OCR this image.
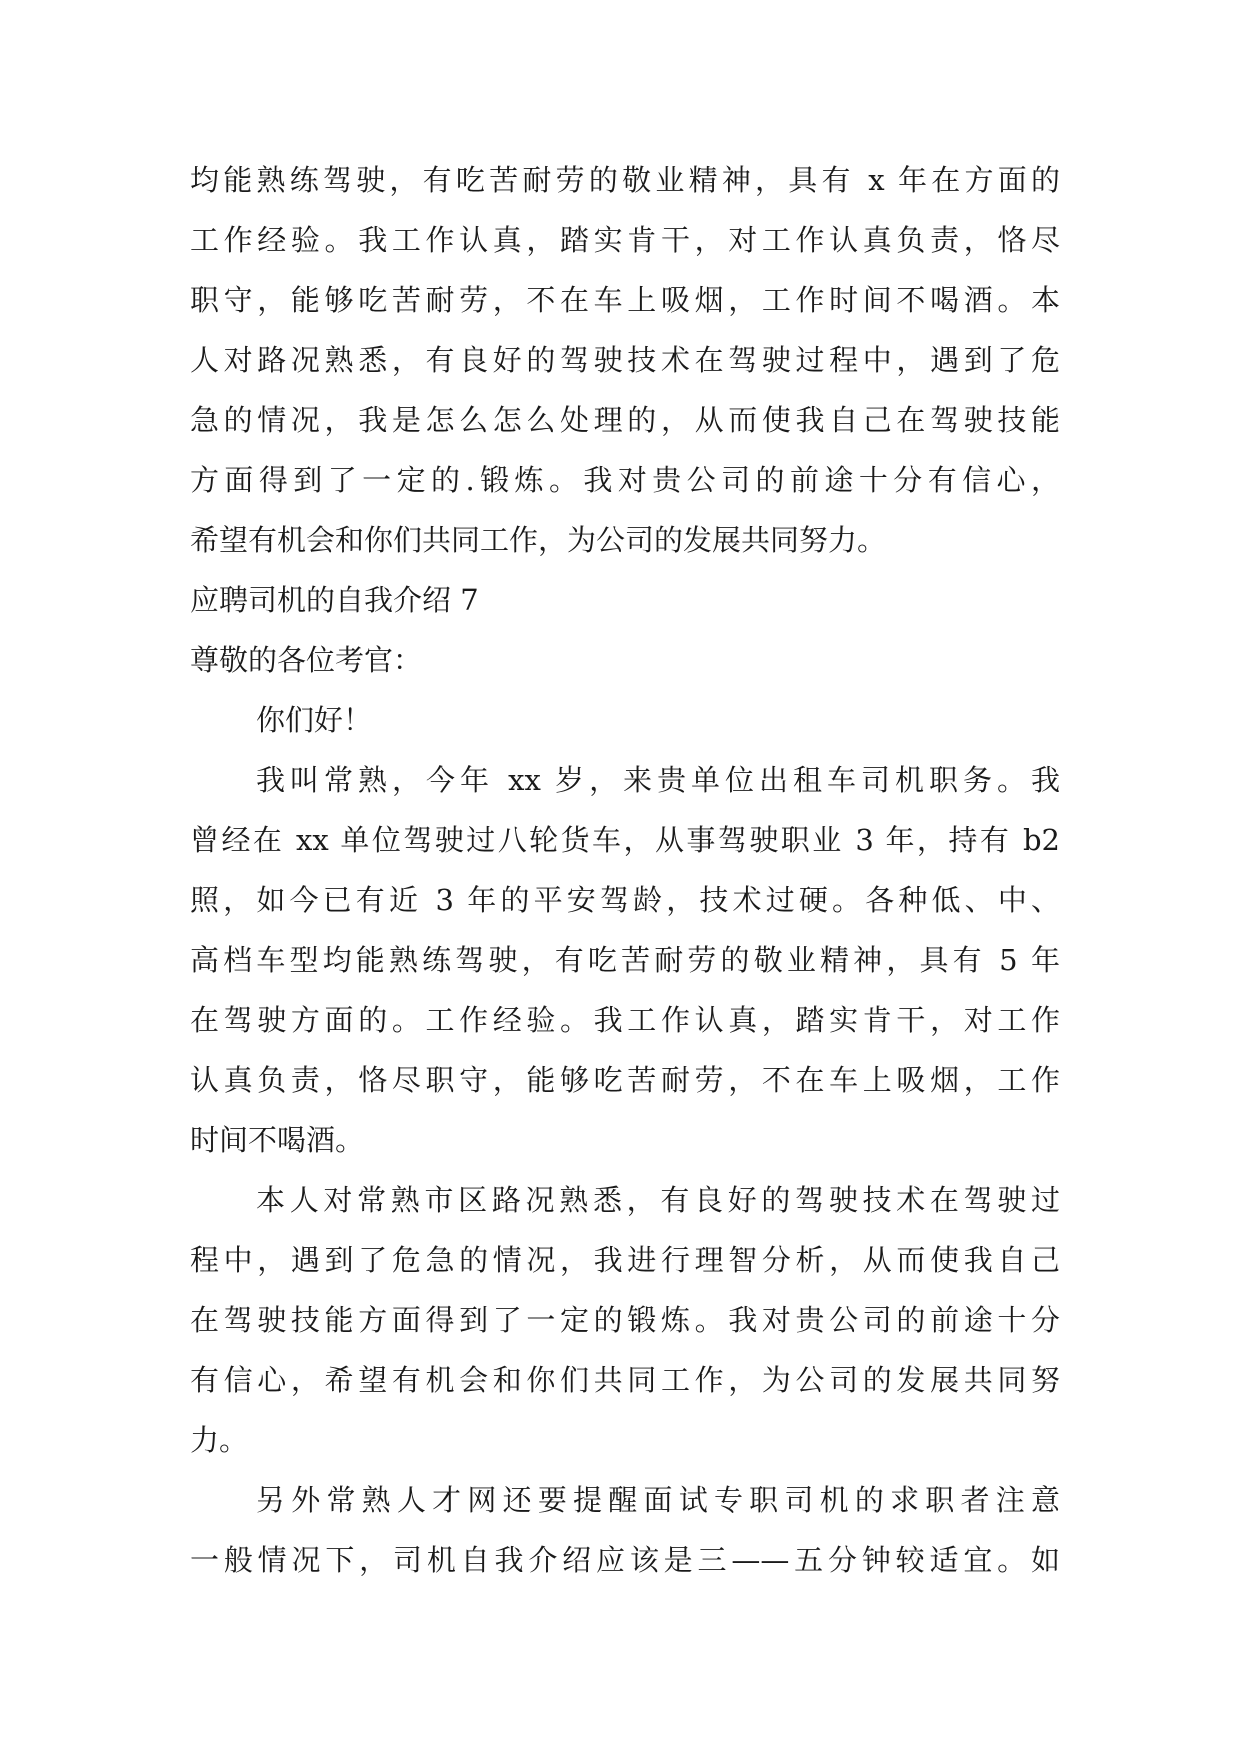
均能熟练驾驶，有吃苦耐劳的敬业精神，具有 x 年在方面的

工作经验。我工作认真，踏实肯干，对工作认真负责，恪尽

职守，能够吃苦耐劳，不在车上吸烟，工作时间不喝酒。本

人对路况熟悉，有良好的驾驶技术在驾驶过程中，遇到了危

急的情况，我是怎么怎么处理的，从而使我自己在驾驶技能

方面得到了一定的.锻炼。我对贵公司的前途十分有信心，

希望有机会和你们共同工作，为公司的发展共同努力。

应聘司机的自我介绍 7

尊敬的各位考官：

你们好！

我叫常熟，今年 xx 岁，来贵单位出租车司机职务。我

曾经在 xx 单位驾驶过八轮货车，从事驾驶职业 3 年，持有 b2

照，如今已有近 3 年的平安驾龄，技术过硬。各种低、中、

高档车型均能熟练驾驶，有吃苦耐劳的敬业精神，具有 5 年

在驾驶方面的。工作经验。我工作认真，踏实肯干，对工作

认真负责，恪尽职守，能够吃苦耐劳，不在车上吸烟，工作

时间不喝酒。

本人对常熟市区路况熟悉，有良好的驾驶技术在驾驶过

程中，遇到了危急的情况，我进行理智分析，从而使我自己

在驾驶技能方面得到了一定的锻炼。我对贵公司的前途十分

有信心，希望有机会和你们共同工作，为公司的发展共同努

力。

另外常熟人才网还要提醒面试专职司机的求职者注意

一般情况下，司机自我介绍应该是三——五分钟较适宜。如
